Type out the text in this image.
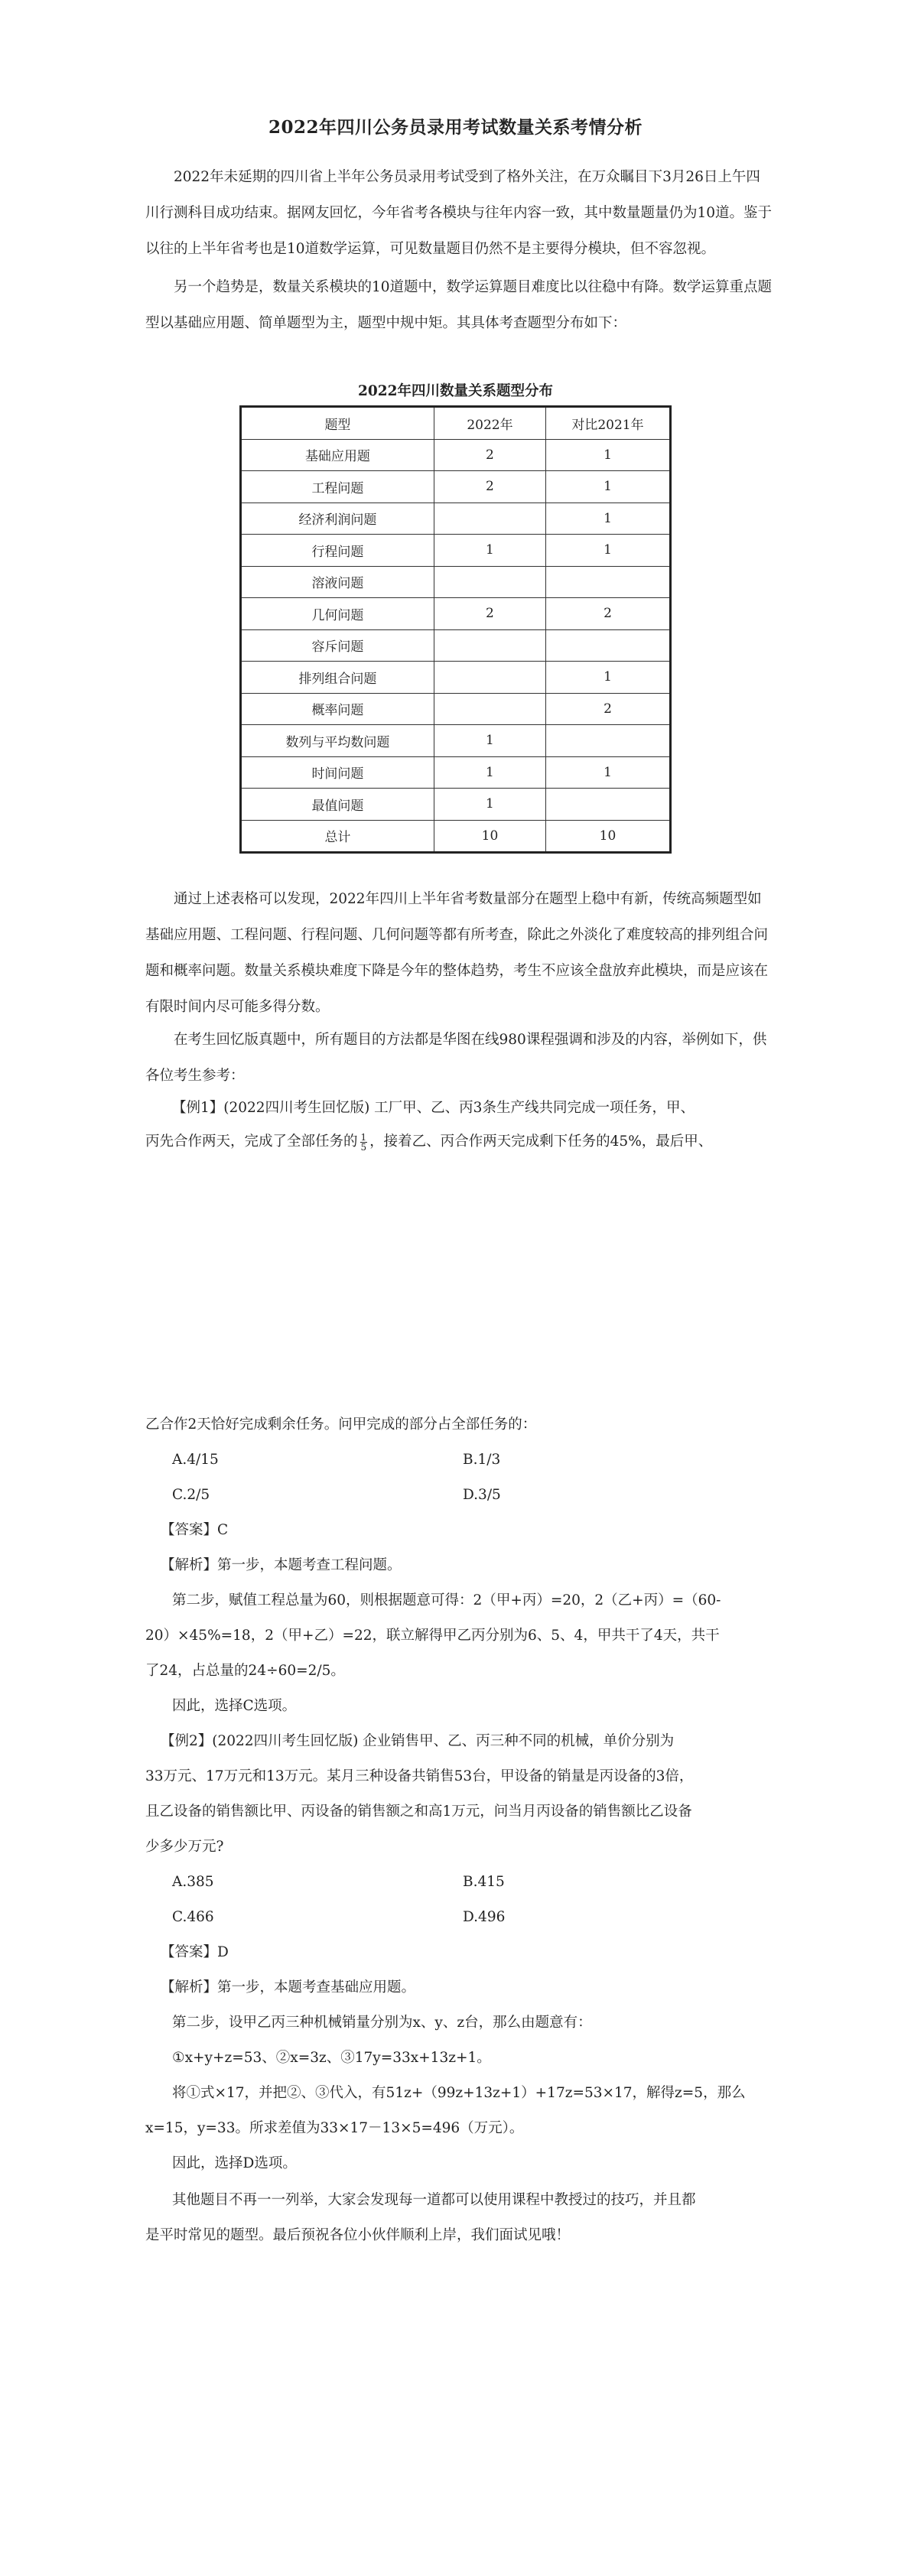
2022年四川公务员录用考试数量关系考情分析

2022年未延期的四川省上半年公务员录用考试受到了格外关注，在万众瞩目下3月26日上午四川行测科目成功结束。据网友回忆，今年省考各模块与往年内容一致，其中数量题量仍为10道。鉴于以往的上半年省考也是10道数学运算，可见数量题目仍然不是主要得分模块，但不容忽视。

另一个趋势是，数量关系模块的10道题中，数学运算题目难度比以往稳中有降。数学运算重点题型以基础应用题、简单题型为主，题型中规中矩。其具体考查题型分布如下：

2022年四川数量关系题型分布
题型	2022年	对比2021年
基础应用题	2	1
工程问题	2	1
经济利润问题		1
行程问题	1	1
溶液问题		
几何问题	2	2
容斥问题		
排列组合问题		1
概率问题		2
数列与平均数问题	1	
时间问题	1	1
最值问题	1	
总计	10	10

通过上述表格可以发现，2022年四川上半年省考数量部分在题型上稳中有新，传统高频题型如基础应用题、工程问题、行程问题、几何问题等都有所考查，除此之外淡化了难度较高的排列组合问题和概率问题。数量关系模块难度下降是今年的整体趋势，考生不应该全盘放弃此模块，而是应该在有限时间内尽可能多得分数。

在考生回忆版真题中，所有题目的方法都是华图在线980课程强调和涉及的内容，举例如下，供各位考生参考：

【例1】(2022四川考生回忆版) 工厂甲、乙、丙3条生产线共同完成一项任务，甲、
丙先合作两天，完成了全部任务的 $\frac{1}{5}$ ，接着乙、丙合作两天完成剩下任务的45%，最后甲、
乙合作2天恰好完成剩余任务。问甲完成的部分占全部任务的：
A.4/15	B.1/3
C.2/5	D.3/5
【答案】C
【解析】第一步，本题考查工程问题。
第二步，赋值工程总量为60，则根据题意可得：2（甲+丙）=20，2（乙+丙）=（60-
20）×45%=18，2（甲+乙）=22，联立解得甲乙丙分别为6、5、4，甲共干了4天，共干
了24，占总量的24÷60=2/5。
因此，选择C选项。
【例2】(2022四川考生回忆版) 企业销售甲、乙、丙三种不同的机械，单价分别为
33万元、17万元和13万元。某月三种设备共销售53台，甲设备的销量是丙设备的3倍，
且乙设备的销售额比甲、丙设备的销售额之和高1万元，问当月丙设备的销售额比乙设备
少多少万元?
A.385	B.415
C.466	D.496
【答案】D
【解析】第一步，本题考查基础应用题。
第二步，设甲乙丙三种机械销量分别为x、y、z台，那么由题意有：
①x+y+z=53、②x=3z、③17y=33x+13z+1。
将①式×17，并把②、③代入，有51z+（99z+13z+1）+17z=53×17，解得z=5，那么
x=15，y=33。所求差值为33×17－13×5=496（万元）。
因此，选择D选项。
其他题目不再一一列举，大家会发现每一道都可以使用课程中教授过的技巧，并且都
是平时常见的题型。最后预祝各位小伙伴顺利上岸，我们面试见哦！
